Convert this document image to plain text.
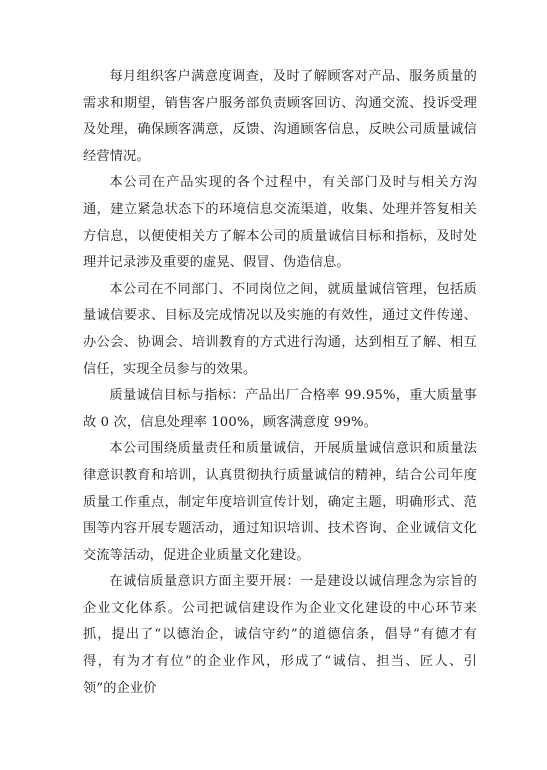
每月组织客户满意度调查，及时了解顾客对产品、服务质量的需求和期望，销售客户服务部负责顾客回访、沟通交流、投诉受理及处理，确保顾客满意，反馈、沟通顾客信息，反映公司质量诚信经营情况。

本公司在产品实现的各个过程中，有关部门及时与相关方沟通，建立紧急状态下的环境信息交流渠道，收集、处理并答复相关方信息，以便使相关方了解本公司的质量诚信目标和指标，及时处理并记录涉及重要的虚晃、假冒、伪造信息。

本公司在不同部门、不同岗位之间，就质量诚信管理，包括质量诚信要求、目标及完成情况以及实施的有效性，通过文件传递、办公会、协调会、培训教育的方式进行沟通，达到相互了解、相互信任，实现全员参与的效果。

质量诚信目标与指标：产品出厂合格率 99.95%，重大质量事故 0 次，信息处理率 100%，顾客满意度 99%。

本公司围绕质量责任和质量诚信，开展质量诚信意识和质量法律意识教育和培训，认真贯彻执行质量诚信的精神，结合公司年度质量工作重点，制定年度培训宣传计划，确定主题，明确形式、范围等内容开展专题活动，通过知识培训、技术咨询、企业诚信文化交流等活动，促进企业质量文化建设。

在诚信质量意识方面主要开展：一是建设以诚信理念为宗旨的企业文化体系。公司把诚信建设作为企业文化建设的中心环节来抓，提出了“以德治企，诚信守约”的道德信条，倡导“有德才有得，有为才有位”的企业作风，形成了“诚信、担当、匠人、引领”的企业价
